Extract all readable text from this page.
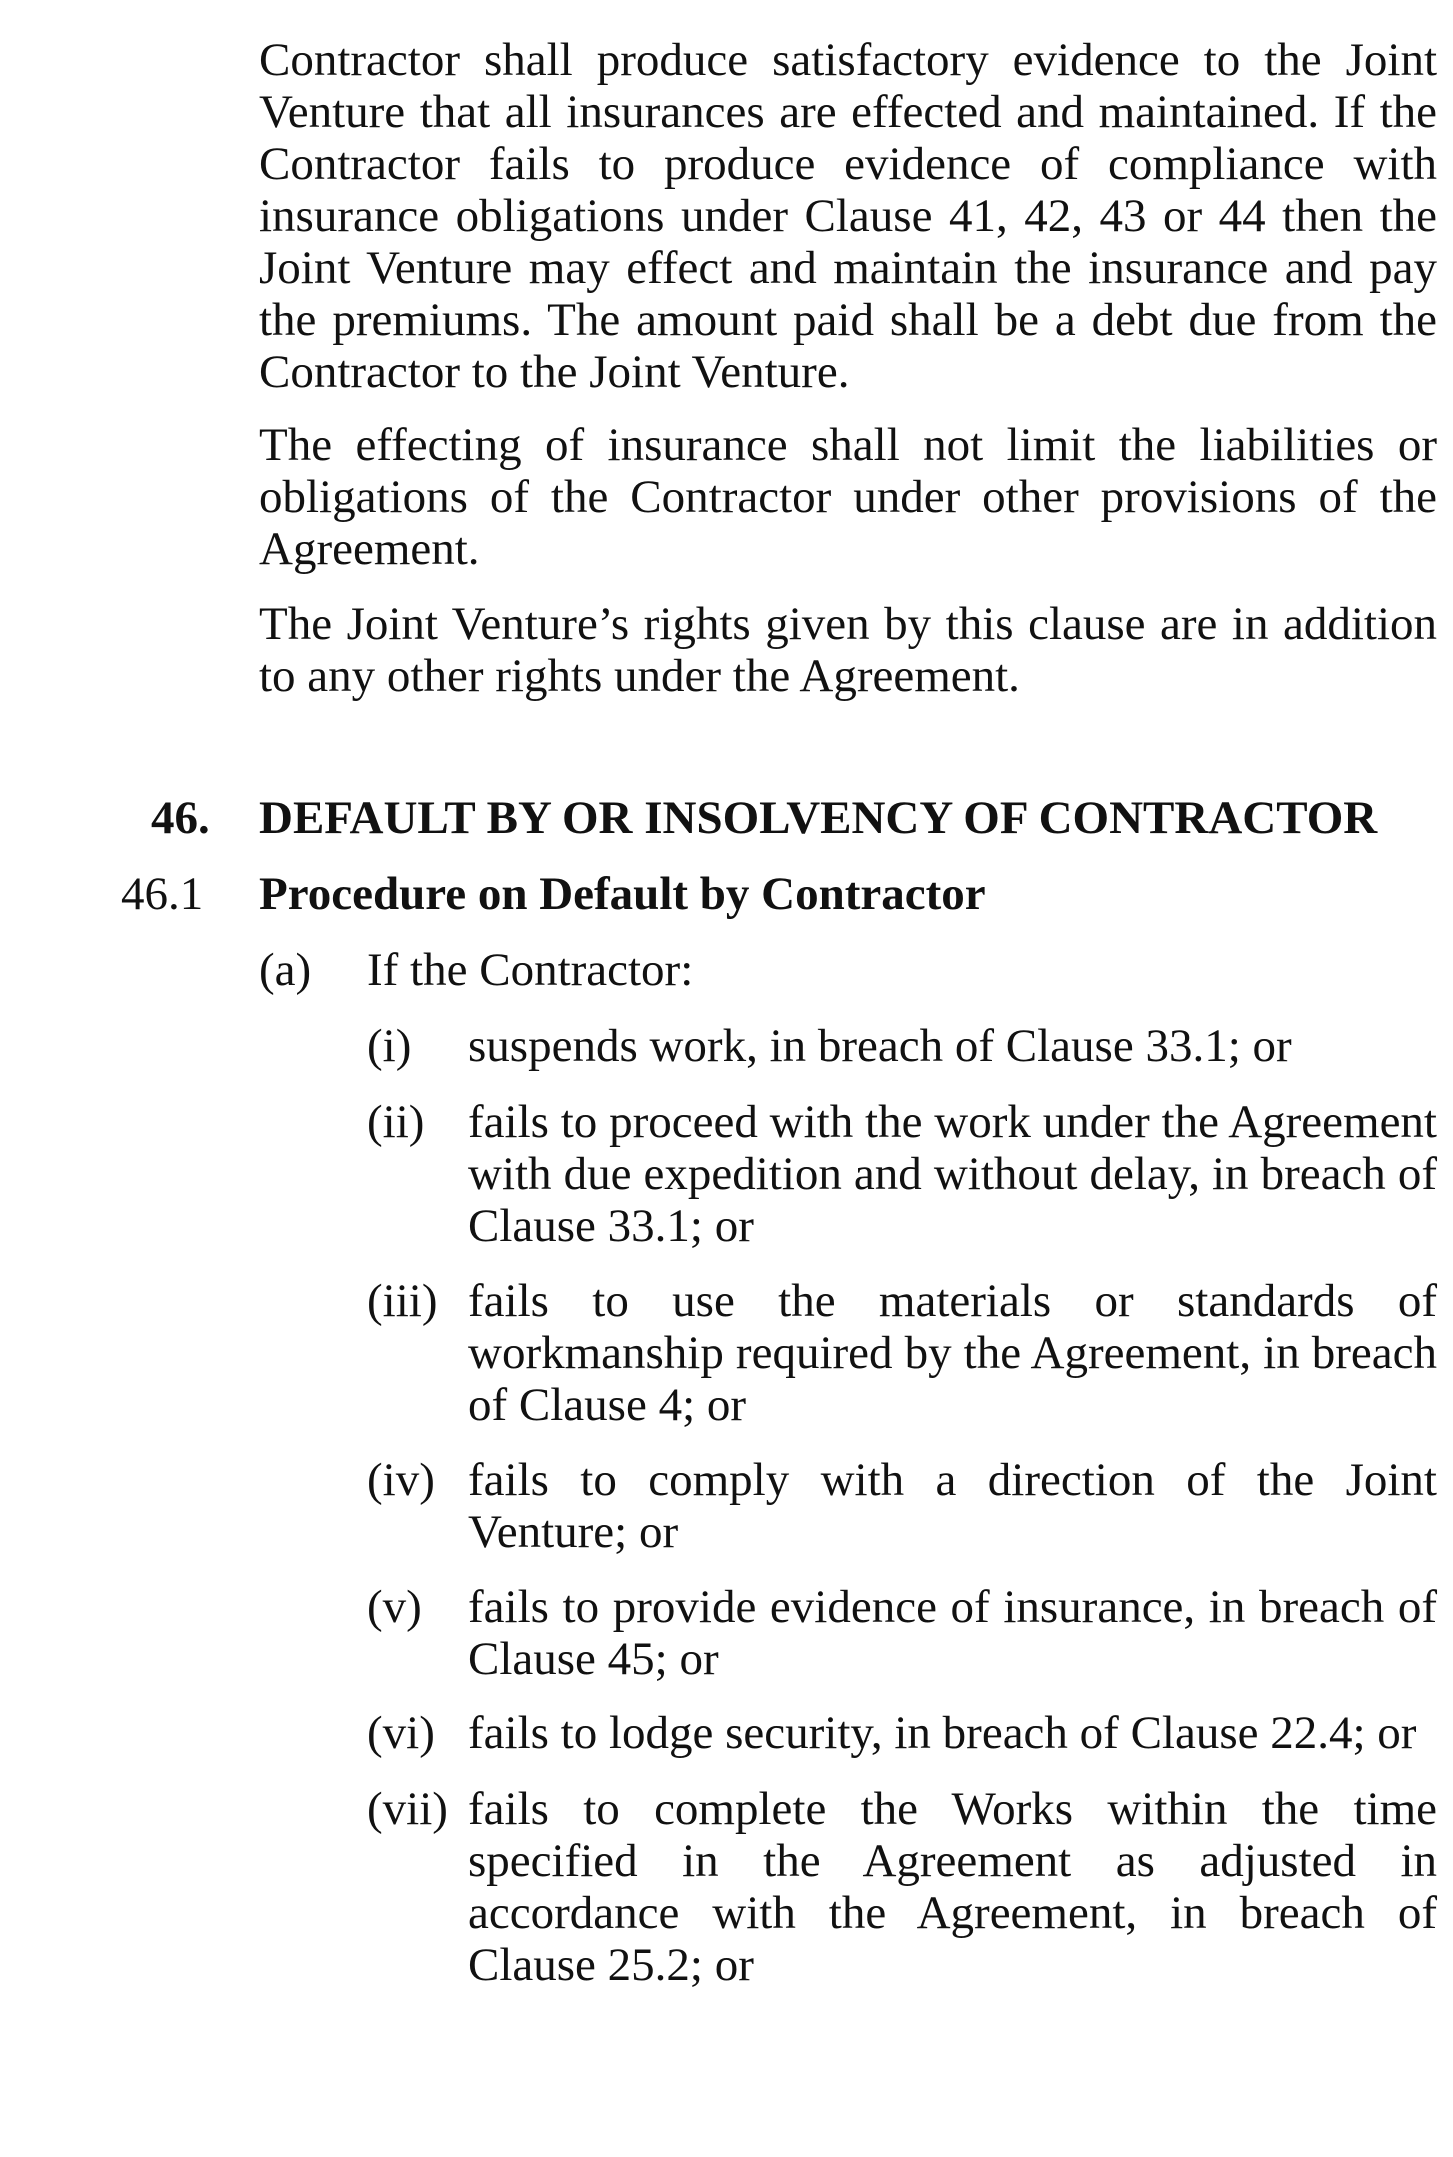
Contractor shall produce satisfactory evidence to the Joint Venture that all insurances are effected and maintained. If the Contractor fails to produce evidence of compliance with insurance obligations under Clause 41, 42, 43 or 44 then the Joint Venture may effect and maintain the insurance and pay the premiums. The amount paid shall be a debt due from the Contractor to the Joint Venture.

The effecting of insurance shall not limit the liabilities or obligations of the Contractor under other provisions of the Agreement.

The Joint Venture’s rights given by this clause are in addition to any other rights under the Agreement.

46. DEFAULT BY OR INSOLVENCY OF CONTRACTOR
46.1 Procedure on Default by Contractor
(a) If the Contractor:
(i) suspends work, in breach of Clause 33.1; or

(ii) fails to proceed with the work under the Agreement with due expedition and without delay, in breach of Clause 33.1; or

(iii) fails to use the materials or standards of workmanship required by the Agreement, in breach of Clause 4; or

(iv) fails to comply with a direction of the Joint Venture; or

(v) fails to provide evidence of insurance, in breach of Clause 45; or

(vi) fails to lodge security, in breach of Clause 22.4; or

(vii) fails to complete the Works within the time specified in the Agreement as adjusted in accordance with the Agreement, in breach of Clause 25.2; or
